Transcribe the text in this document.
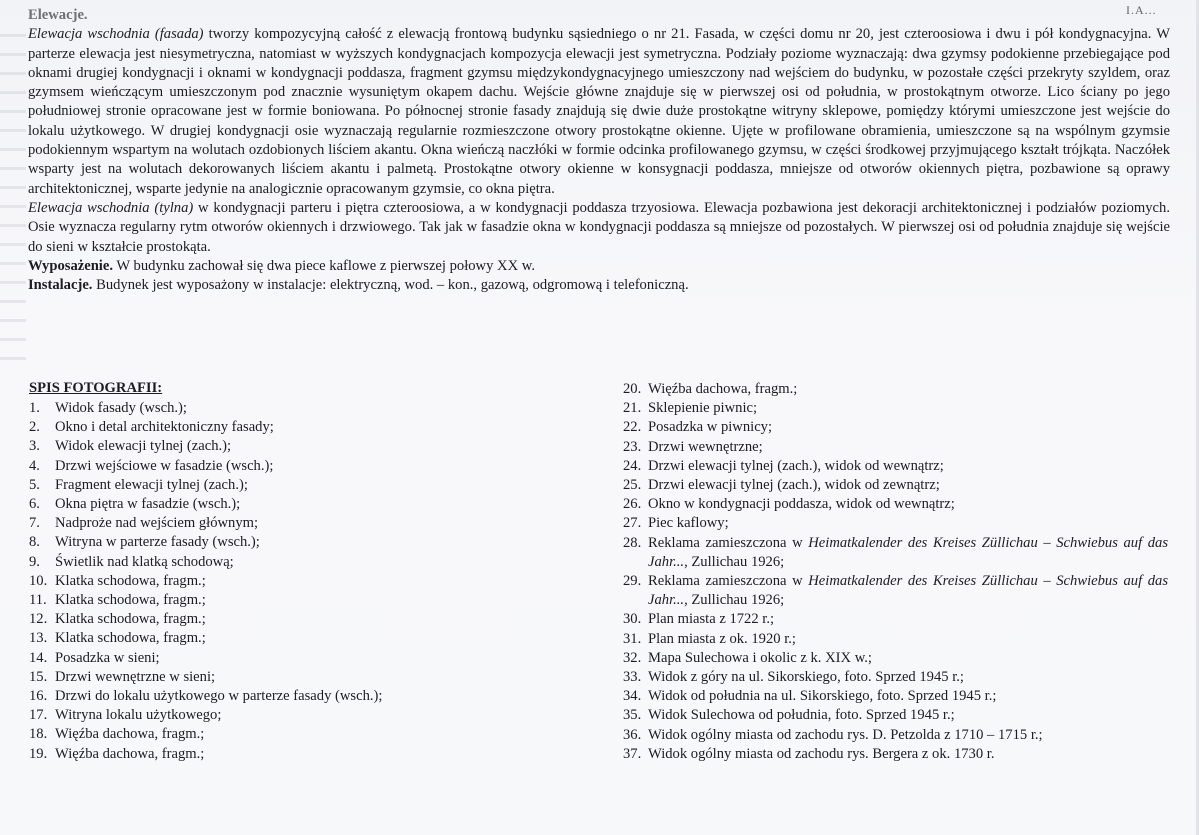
I.A...
Elewacje.
Elewacja wschodnia (fasada) tworzy kompozycyjną całość z elewacją frontową budynku sąsiedniego o nr 21. Fasada, w części domu nr 20, jest czteroosiowa i dwu i pół kondygnacyjna. W parterze elewacja jest niesymetryczna, natomiast w wyższych kondygnacjach kompozycja elewacji jest symetryczna. Podziały poziome wyznaczają: dwa gzymsy podokienne przebiegające pod oknami drugiej kondygnacji i oknami w kondygnacji poddasza, fragment gzymsu międzykondygnacyjnego umieszczony nad wejściem do budynku, w pozostałe części przekryty szyldem, oraz gzymsem wieńczącym umieszczonym pod znacznie wysuniętym okapem dachu. Wejście główne znajduje się w pierwszej osi od południa, w prostokątnym otworze. Lico ściany po jego południowej stronie opracowane jest w formie boniowana. Po północnej stronie fasady znajdują się dwie duże prostokątne witryny sklepowe, pomiędzy którymi umieszczone jest wejście do lokalu użytkowego. W drugiej kondygnacji osie wyznaczają regularnie rozmieszczone otwory prostokątne okienne. Ujęte w profilowane obramienia, umieszczone są na wspólnym gzymsie podokiennym wspartym na wolutach ozdobionych liściem akantu. Okna wieńczą naczłóki w formie odcinka profilowanego gzymsu, w części środkowej przyjmującego kształt trójkąta. Naczółek wsparty jest na wolutach dekorowanych liściem akantu i palmetą. Prostokątne otwory okienne w konsygnacji poddasza, mniejsze od otworów okiennych piętra, pozbawione są oprawy architektonicznej, wsparte jedynie na analogicznie opracowanym gzymsie, co okna piętra.
Elewacja wschodnia (tylna) w kondygnacji parteru i piętra czteroosiowa, a w kondygnacji poddasza trzyosiowa. Elewacja pozbawiona jest dekoracji architektonicznej i podziałów poziomych. Osie wyznacza regularny rytm otworów okiennych i drzwiowego. Tak jak w fasadzie okna w kondygnacji poddasza są mniejsze od pozostałych. W pierwszej osi od południa znajduje się wejście do sieni w kształcie prostokąta.
Wyposażenie. W budynku zachował się dwa piece kaflowe z pierwszej połowy XX w.
Instalacje. Budynek jest wyposażony w instalacje: elektryczną, wod. – kon., gazową, odgromową i telefoniczną.
SPIS FOTOGRAFII:
1.	Widok fasady (wsch.);
2.	Okno i detal architektoniczny fasady;
3.	Widok elewacji tylnej (zach.);
4.	Drzwi wejściowe w fasadzie (wsch.);
5.	Fragment elewacji tylnej (zach.);
6.	Okna piętra w fasadzie (wsch.);
7.	Nadproże nad wejściem głównym;
8.	Witryna w parterze fasady (wsch.);
9.	Świetlik nad klatką schodową;
10. Klatka schodowa, fragm.;
11. Klatka schodowa, fragm.;
12. Klatka schodowa, fragm.;
13. Klatka schodowa, fragm.;
14. Posadzka w sieni;
15. Drzwi wewnętrzne w sieni;
16. Drzwi do lokalu użytkowego w parterze fasady (wsch.);
17. Witryna lokalu użytkowego;
18. Więźba dachowa, fragm.;
19. Więźba dachowa, fragm.;
20. Więźba dachowa, fragm.;
21. Sklepienie piwnic;
22. Posadzka w piwnicy;
23. Drzwi wewnętrzne;
24. Drzwi elewacji tylnej (zach.), widok od wewnątrz;
25. Drzwi elewacji tylnej (zach.), widok od zewnątrz;
26. Okno w kondygnacji poddasza, widok od wewnątrz;
27. Piec kaflowy;
28. Reklama zamieszczona w Heimatkalender des Kreises Züllichau – Schwiebus auf das Jahr..., Zullichau 1926;
29. Reklama zamieszczona w Heimatkalender des Kreises Züllichau – Schwiebus auf das Jahr..., Zullichau 1926;
30. Plan miasta z 1722 r.;
31. Plan miasta z ok. 1920 r.;
32. Mapa Sulechowa i okolic z k. XIX w.;
33. Widok z góry na ul. Sikorskiego, foto. Sprzed 1945 r.;
34. Widok od południa na ul. Sikorskiego, foto. Sprzed 1945 r.;
35. Widok Sulechowa od południa, foto. Sprzed 1945 r.;
36. Widok ogólny miasta od zachodu rys. D. Petzolda z 1710 – 1715 r.;
37. Widok ogólny miasta od zachodu rys. Bergera z ok. 1730 r.
